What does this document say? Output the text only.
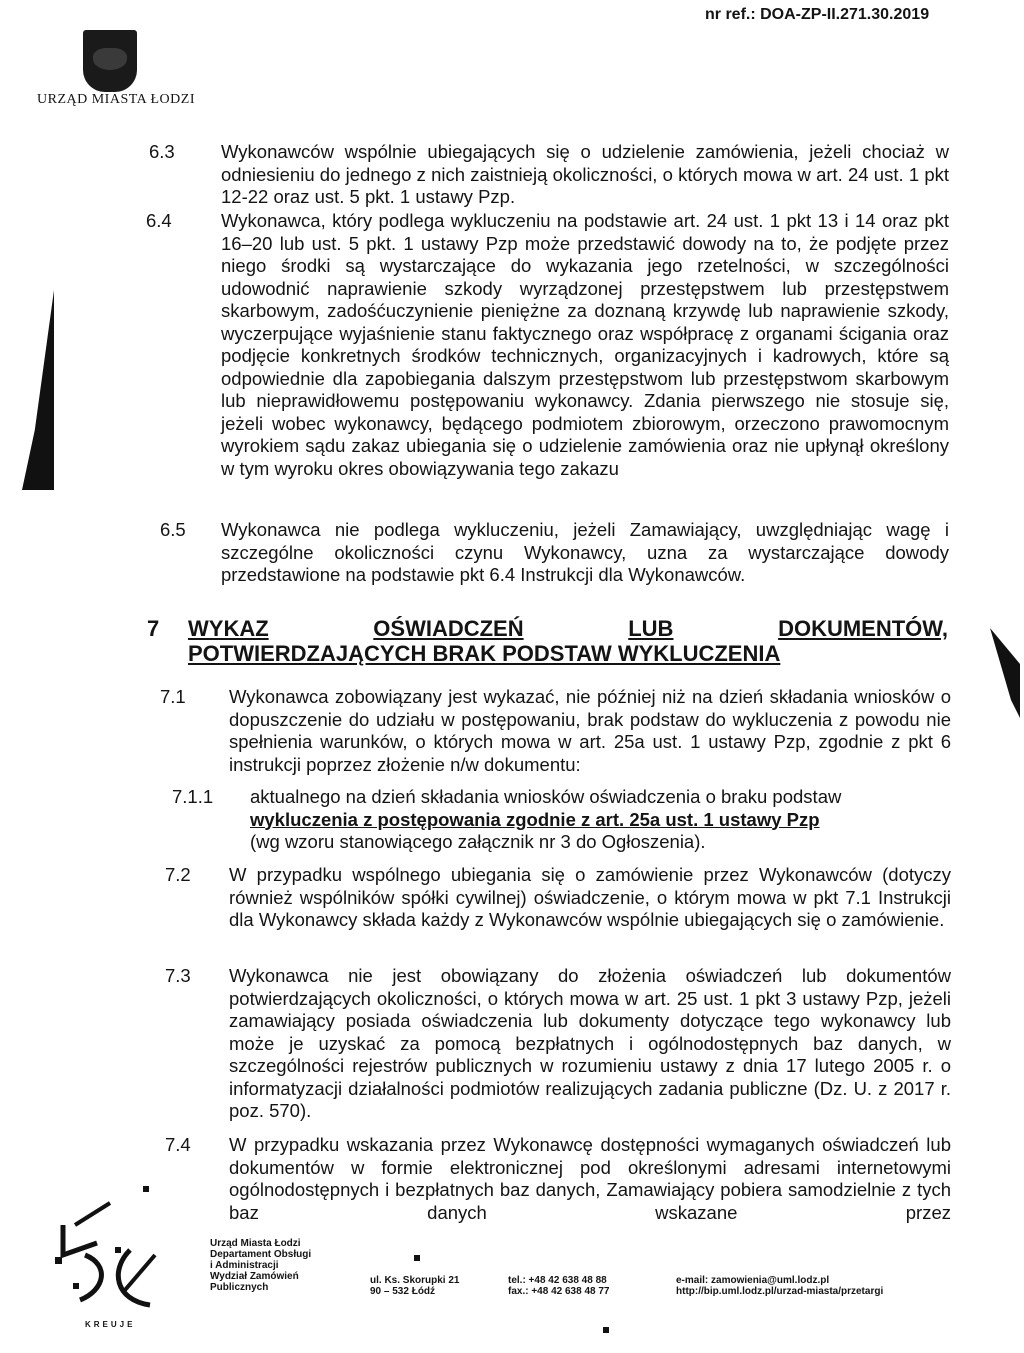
nr ref.: DOA-ZP-II.271.30.2019
URZĄD MIASTA ŁODZI
6.3	Wykonawców wspólnie ubiegających się o udzielenie zamówienia, jeżeli chociaż w odniesieniu do jednego z nich zaistnieją okoliczności, o których mowa w art. 24 ust. 1 pkt 12-22 oraz ust. 5 pkt. 1 ustawy Pzp.
6.4	Wykonawca, który podlega wykluczeniu na podstawie art. 24 ust. 1 pkt 13 i 14 oraz pkt 16–20 lub ust. 5 pkt. 1 ustawy Pzp może przedstawić dowody na to, że podjęte przez niego środki są wystarczające do wykazania jego rzetelności, w szczególności udowodnić naprawienie szkody wyrządzonej przestępstwem lub przestępstwem skarbowym, zadośćuczynienie pieniężne za doznaną krzywdę lub naprawienie szkody, wyczerpujące wyjaśnienie stanu faktycznego oraz współpracę z organami ścigania oraz podjęcie konkretnych środków technicznych, organizacyjnych i kadrowych, które są odpowiednie dla zapobiegania dalszym przestępstwom lub przestępstwom skarbowym lub nieprawidłowemu postępowaniu wykonawcy. Zdania pierwszego nie stosuje się, jeżeli wobec wykonawcy, będącego podmiotem zbiorowym, orzeczono prawomocnym wyrokiem sądu zakaz ubiegania się o udzielenie zamówienia oraz nie upłynął określony w tym wyroku okres obowiązywania tego zakazu
6.5 Wykonawca nie podlega wykluczeniu, jeżeli Zamawiający, uwzględniając wagę i szczególne okoliczności czynu Wykonawcy, uzna za wystarczające dowody przedstawione na podstawie pkt 6.4 Instrukcji dla Wykonawców.
7 WYKAZ	OŚWIADCZEŃ	LUB	DOKUMENTÓW,
POTWIERDZAJĄCYCH BRAK PODSTAW WYKLUCZENIA
7.1 Wykonawca zobowiązany jest wykazać, nie później niż na dzień składania wniosków o dopuszczenie do udziału w postępowaniu, brak podstaw do wykluczenia z powodu nie spełnienia warunków, o których mowa w art. 25a ust. 1 ustawy Pzp, zgodnie z pkt 6 instrukcji poprzez złożenie n/w dokumentu:
7.1.1 aktualnego na dzień składania wniosków oświadczenia o braku podstaw
wykluczenia z postępowania zgodnie z art. 25a ust. 1 ustawy Pzp
(wg wzoru stanowiącego załącznik nr 3 do Ogłoszenia).
7.2 W przypadku wspólnego ubiegania się o zamówienie przez Wykonawców (dotyczy również wspólników spółki cywilnej) oświadczenie, o którym mowa w pkt 7.1 Instrukcji dla Wykonawcy składa każdy z Wykonawców wspólnie ubiegających się o zamówienie.
7.3 Wykonawca nie jest obowiązany do złożenia oświadczeń lub dokumentów potwierdzających okoliczności, o których mowa w art. 25 ust. 1 pkt 3 ustawy Pzp, jeżeli zamawiający posiada oświadczenia lub dokumenty dotyczące tego wykonawcy lub może je uzyskać za pomocą bezpłatnych i ogólnodostępnych baz danych, w szczególności rejestrów publicznych w rozumieniu ustawy z dnia 17 lutego 2005 r. o informatyzacji działalności podmiotów realizujących zadania publiczne (Dz. U. z 2017 r. poz. 570).
7.4 W przypadku wskazania przez Wykonawcę dostępności wymaganych oświadczeń lub dokumentów w formie elektronicznej pod określonymi adresami internetowymi ogólnodostępnych i bezpłatnych baz danych, Zamawiający pobiera samodzielnie z tych baz danych wskazane przez
KREUJE
Urząd Miasta Łodzi
Departament Obsługi
i Administracji
Wydział Zamówień
Publicznych
ul. Ks. Skorupki 21
90 – 532 Łódź
tel.: +48 42 638 48 88
fax.: +48 42 638 48 77
e-mail: zamowienia@uml.lodz.pl
http://bip.uml.lodz.pl/urzad-miasta/przetargi
